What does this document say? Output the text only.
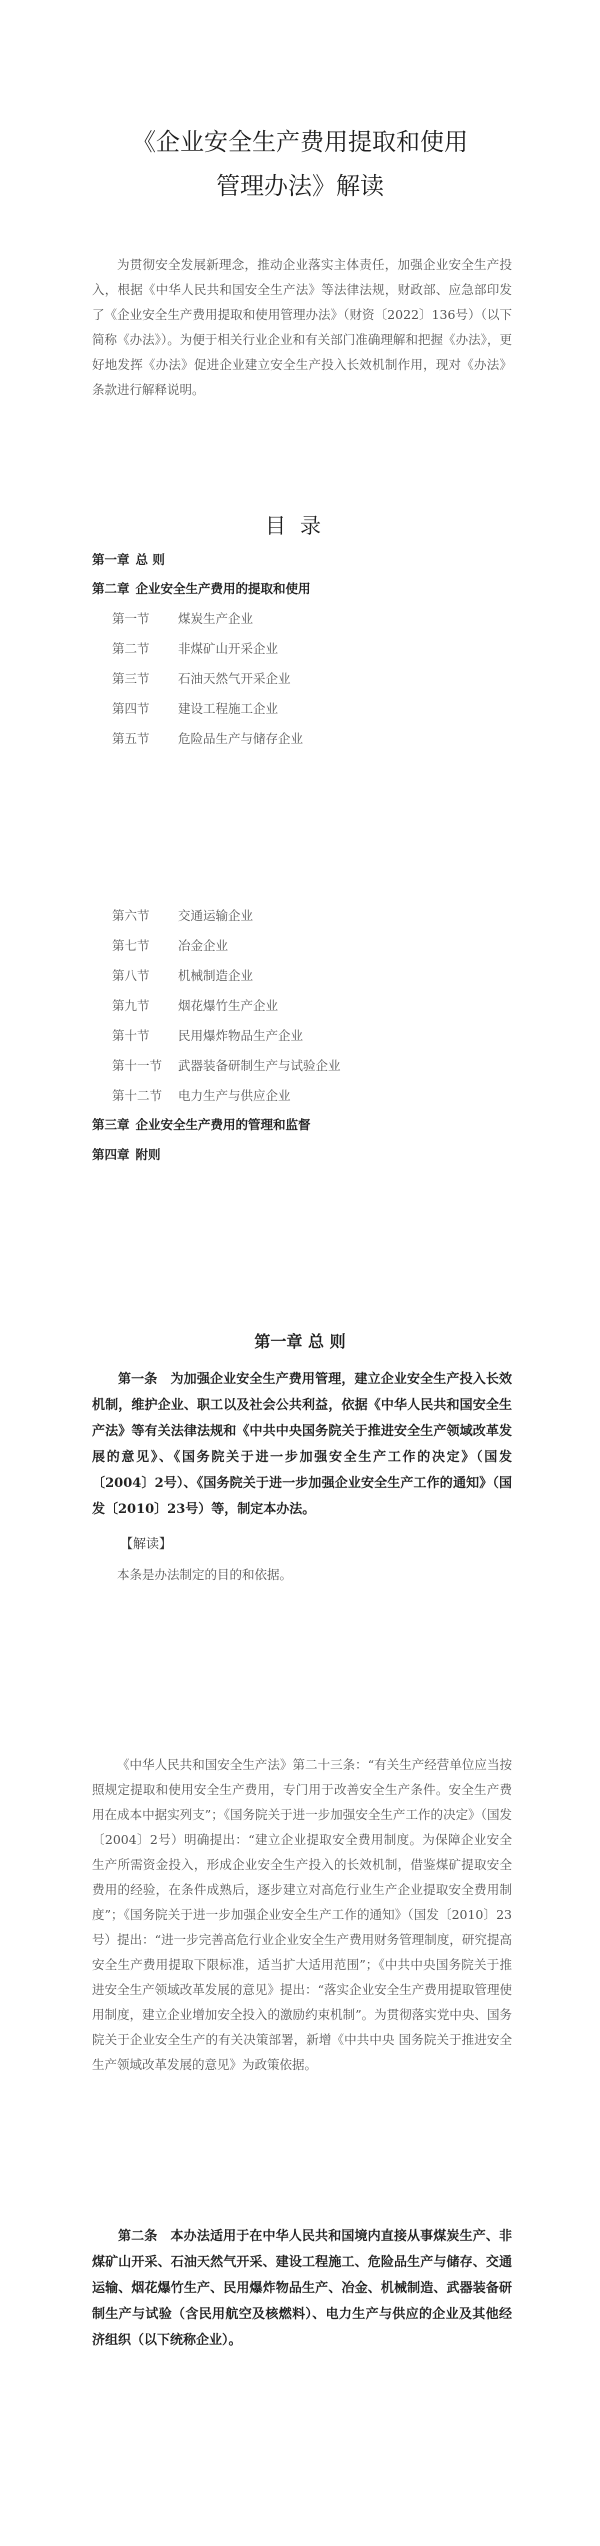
《企业安全生产费用提取和使用
管理办法》解读

为贯彻安全发展新理念，推动企业落实主体责任，加强企业安全生产投入，根据《中华人民共和国安全生产法》等法律法规，财政部、应急部印发了《企业安全生产费用提取和使用管理办法》（财资〔2022〕136号）（以下简称《办法》）。为便于相关行业企业和有关部门准确理解和把握《办法》，更好地发挥《办法》促进企业建立安全生产投入长效机制作用，现对《办法》条款进行解释说明。

目录
第一章 总 则
第二章 企业安全生产费用的提取和使用
第一节 煤炭生产企业
第二节 非煤矿山开采企业
第三节 石油天然气开采企业
第四节 建设工程施工企业
第五节 危险品生产与储存企业
第六节 交通运输企业
第七节 冶金企业
第八节 机械制造企业
第九节 烟花爆竹生产企业
第十节 民用爆炸物品生产企业
第十一节 武器装备研制生产与试验企业
第十二节 电力生产与供应企业
第三章 企业安全生产费用的管理和监督
第四章 附则
第一章 总 则

第一条　为加强企业安全生产费用管理，建立企业安全生产投入长效机制，维护企业、职工以及社会公共利益，依据《中华人民共和国安全生产法》等有关法律法规和《中共中央国务院关于推进安全生产领域改革发展的意见》、《国务院关于进一步加强安全生产工作的决定》（国发〔2004〕2号）、《国务院关于进一步加强企业安全生产工作的通知》（国发〔2010〕23号）等，制定本办法。

【解读】

本条是办法制定的目的和依据。

《中华人民共和国安全生产法》第二十三条：“有关生产经营单位应当按照规定提取和使用安全生产费用，专门用于改善安全生产条件。安全生产费用在成本中据实列支”；《国务院关于进一步加强安全生产工作的决定》（国发〔2004〕2号）明确提出：“建立企业提取安全费用制度。为保障企业安全生产所需资金投入，形成企业安全生产投入的长效机制，借鉴煤矿提取安全费用的经验，在条件成熟后，逐步建立对高危行业生产企业提取安全费用制度”；《国务院关于进一步加强企业安全生产工作的通知》（国发〔2010〕23号）提出：“进一步完善高危行业企业安全生产费用财务管理制度，研究提高安全生产费用提取下限标准，适当扩大适用范围”；《中共中央国务院关于推进安全生产领域改革发展的意见》提出：“落实企业安全生产费用提取管理使用制度，建立企业增加安全投入的激励约束机制”。为贯彻落实党中央、国务院关于企业安全生产的有关决策部署，新增《中共中央 国务院关于推进安全生产领域改革发展的意见》为政策依据。

第二条　本办法适用于在中华人民共和国境内直接从事煤炭生产、非煤矿山开采、石油天然气开采、建设工程施工、危险品生产与储存、交通运输、烟花爆竹生产、民用爆炸物品生产、冶金、机械制造、武器装备研制生产与试验（含民用航空及核燃料）、电力生产与供应的企业及其他经济组织（以下统称企业）。
